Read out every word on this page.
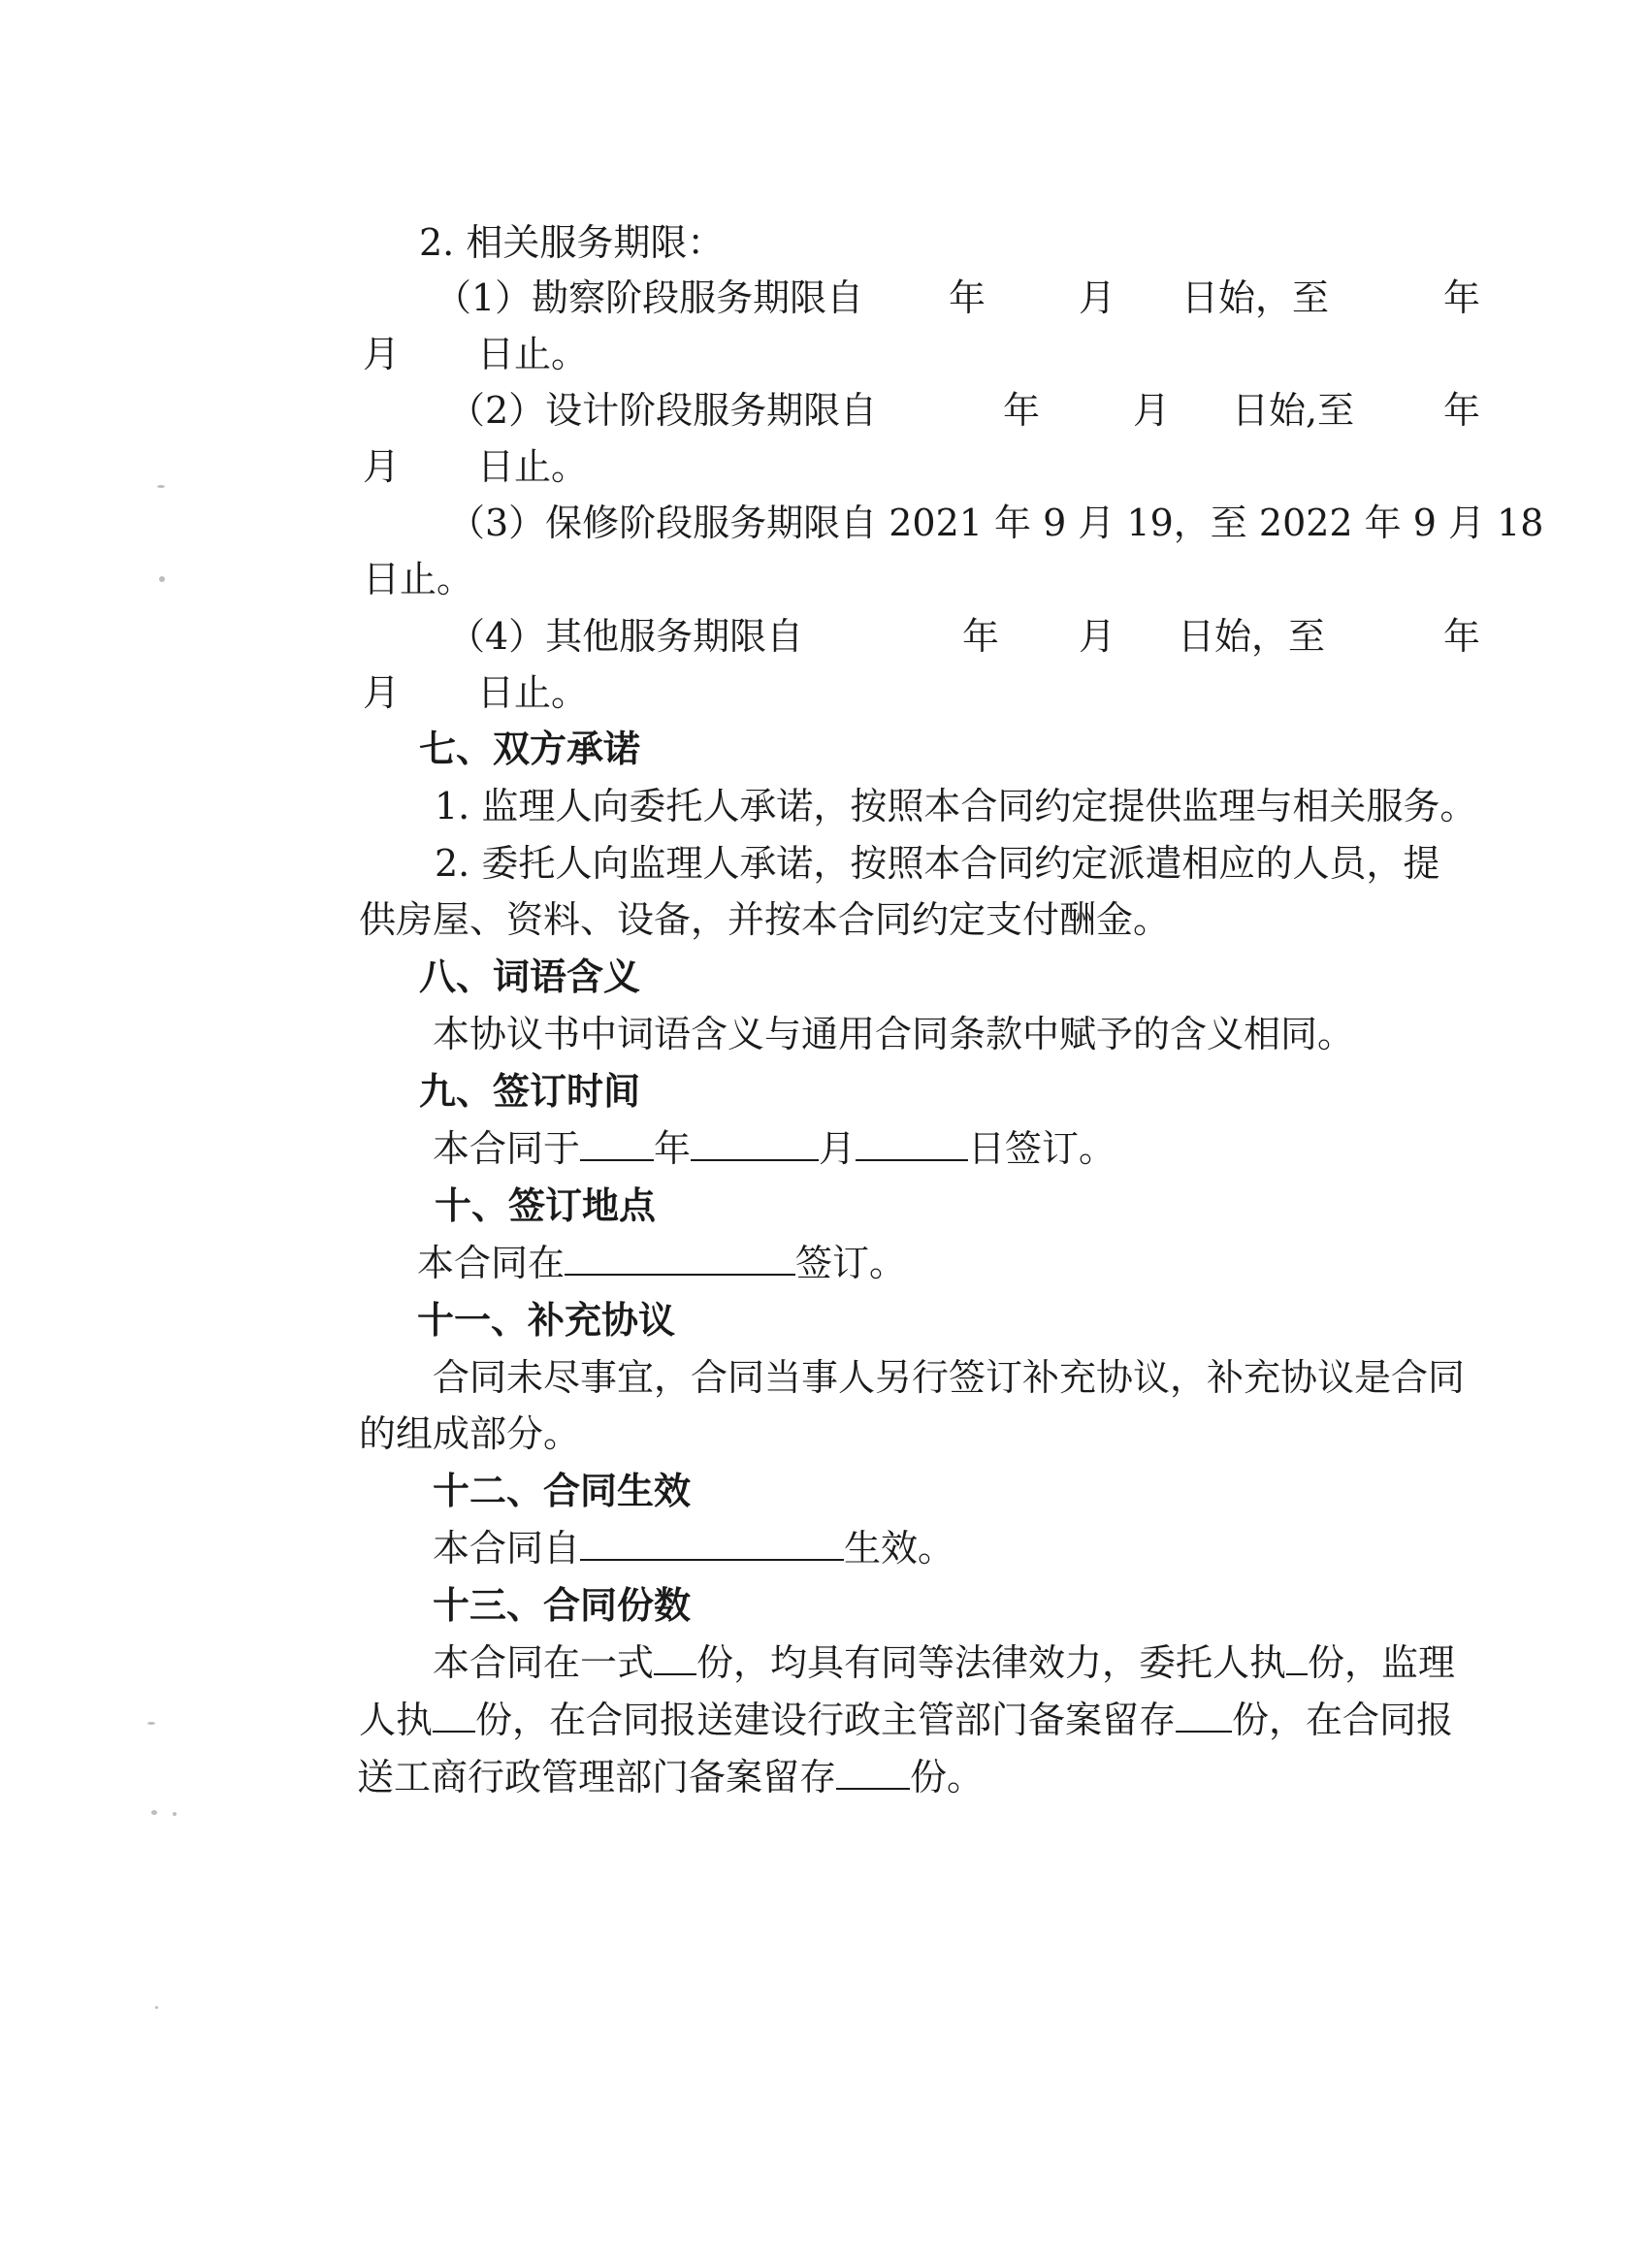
2. 相关服务期限：
（1）勘察阶段服务期限自 年	月 日始，至	年
月 日止。
（2）设计阶段服务期限自	年	月 日始,至 年
月 日止。
（3）保修阶段服务期限自 2021 年 9 月 19，至 2022 年 9 月 18
日止。
（4）其他服务期限自	年 月 日始，至	年
月 日止。
七、双方承诺
1. 监理人向委托人承诺，按照本合同约定提供监理与相关服务。
2. 委托人向监理人承诺，按照本合同约定派遣相应的人员，提
供房屋、资料、设备，并按本合同约定支付酬金。
八、词语含义
本协议书中词语含义与通用合同条款中赋予的含义相同。
九、签订时间
本合同于 年	月	日签订。
十、签订地点
本合同在	签订。
十一、补充协议
合同未尽事宜，合同当事人另行签订补充协议，补充协议是合同
的组成部分。
十二、合同生效
本合同自	生效。
十三、合同份数
本合同在一式 份，均具有同等法律效力，委托人执 份，监理
人执 份，在合同报送建设行政主管部门备案留存 份，在合同报
送工商行政管理部门备案留存 份。
